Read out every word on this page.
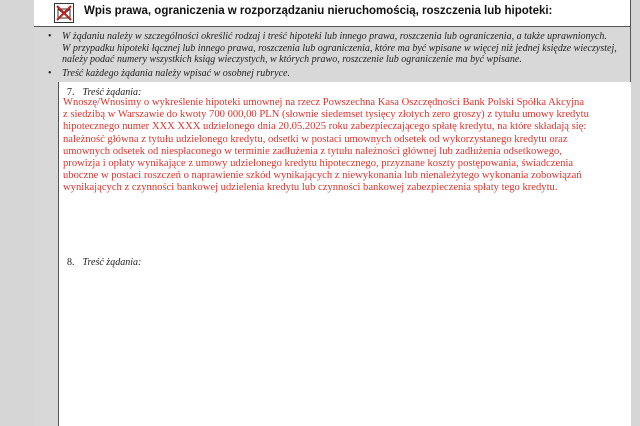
Wpis prawa, ograniczenia w rozporządzaniu nieruchomością, roszczenia lub hipoteki:
• W żądaniu należy w szczególności określić rodzaj i treść hipoteki lub innego prawa, roszczenia lub ograniczenia, a także uprawnionych.
W przypadku hipoteki łącznej lub innego prawa, roszczenia lub ograniczenia, które ma być wpisane w więcej niż jednej księdze wieczystej,
należy podać numery wszystkich ksiąg wieczystych, w których prawo, roszczenie lub ograniczenie ma być wpisane.
• Treść każdego żądania należy wpisać w osobnej rubryce.
7. Treść żądania:
Wnoszę/Wnosimy o wykreślenie hipoteki umownej na rzecz Powszechna Kasa Oszczędności Bank Polski Spółka Akcyjna
z siedzibą w Warszawie do kwoty 700 000,00 PLN (słownie siedemset tysięcy złotych zero groszy) z tytułu umowy kredytu
hipotecznego numer XXX XXX udzielonego dnia 20.05.2025 roku zabezpieczającego spłatę kredytu, na które składają się:
należność główna z tytułu udzielonego kredytu, odsetki w postaci umownych odsetek od wykorzystanego kredytu oraz
umownych odsetek od niespłaconego w terminie zadłużenia z tytułu należności głównej lub zadłużenia odsetkowego,
prowizja i opłaty wynikające z umowy udzielonego kredytu hipotecznego, przyznane koszty postępowania, świadczenia
uboczne w postaci roszczeń o naprawienie szkód wynikających z niewykonania lub nienależytego wykonania zobowiązań
wynikających z czynności bankowej udzielenia kredytu lub czynności bankowej zabezpieczenia spłaty tego kredytu.
8. Treść żądania:
